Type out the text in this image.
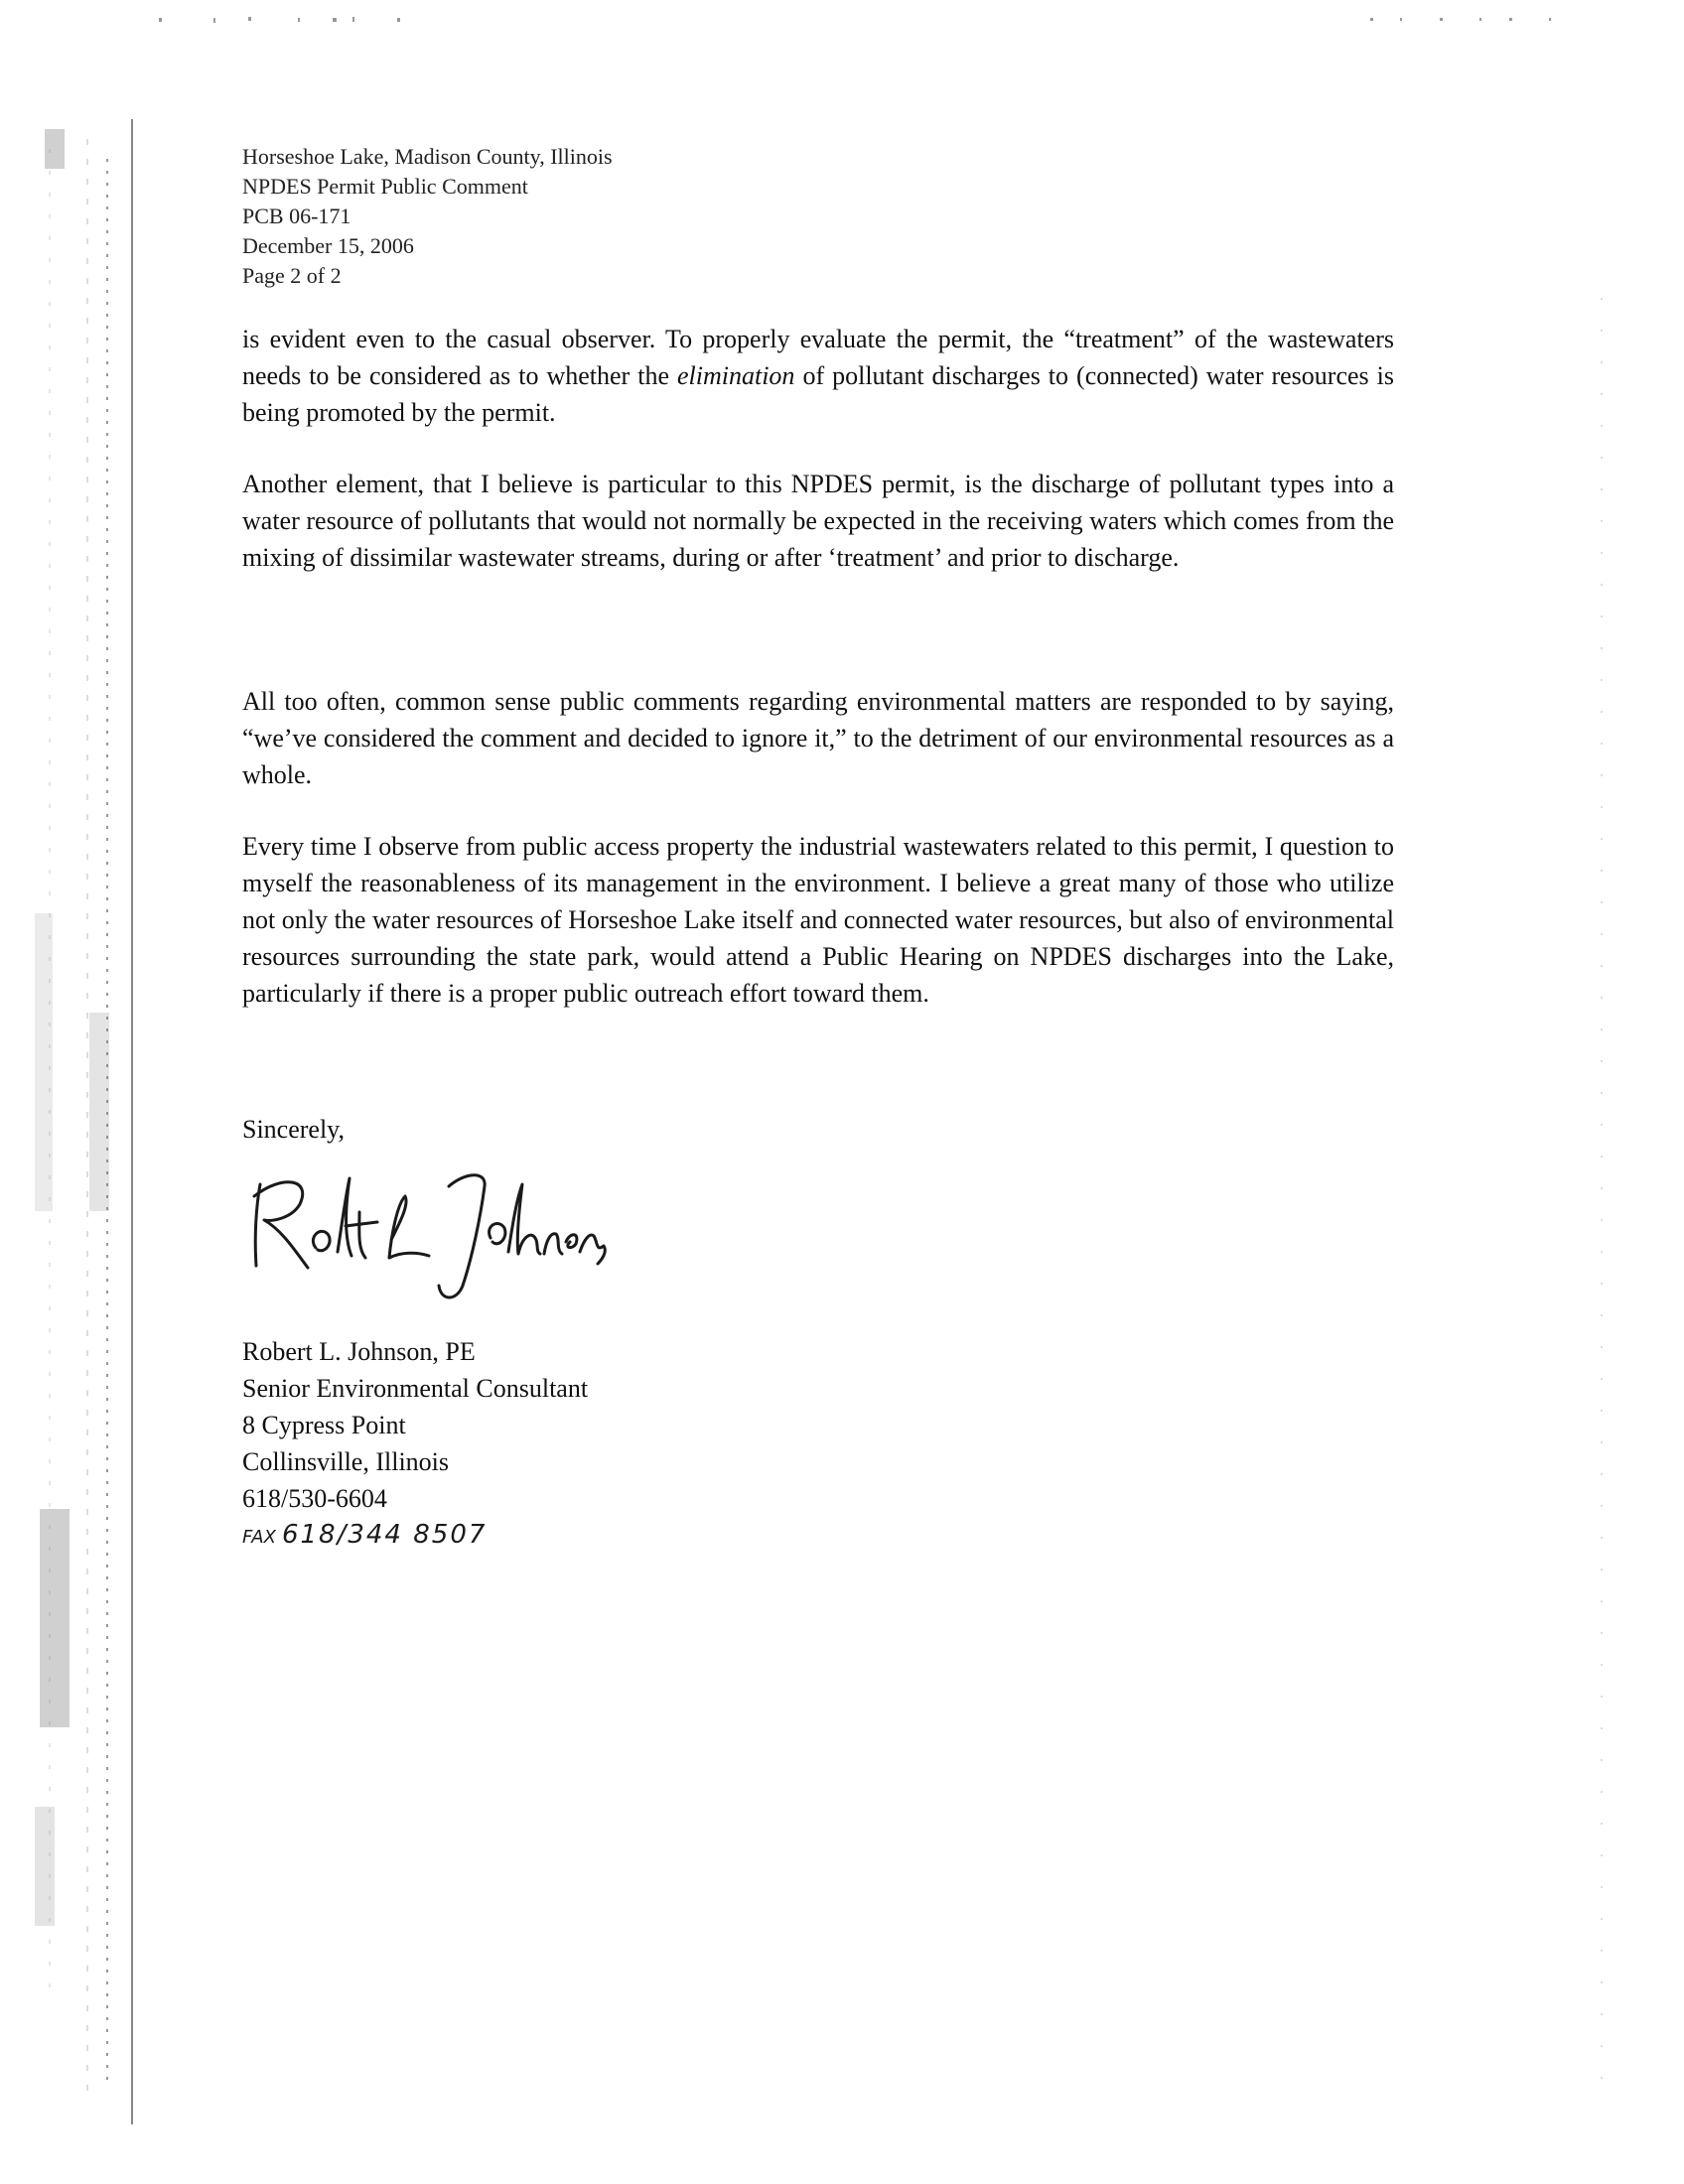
Horseshoe Lake, Madison County, Illinois
NPDES Permit Public Comment
PCB 06-171
December 15, 2006
Page 2 of 2
is evident even to the casual observer. To properly evaluate the permit, the “treatment” of the wastewaters needs to be considered as to whether the elimination of pollutant discharges to (connected) water resources is being promoted by the permit.
Another element, that I believe is particular to this NPDES permit, is the discharge of pollutant types into a water resource of pollutants that would not normally be expected in the receiving waters which comes from the mixing of dissimilar wastewater streams, during or after ‘treatment’ and prior to discharge.
All too often, common sense public comments regarding environmental matters are responded to by saying, “we’ve considered the comment and decided to ignore it,” to the detriment of our environmental resources as a whole.
Every time I observe from public access property the industrial wastewaters related to this permit, I question to myself the reasonableness of its management in the environment. I believe a great many of those who utilize not only the water resources of Horseshoe Lake itself and connected water resources, but also of environmental resources surrounding the state park, would attend a Public Hearing on NPDES discharges into the Lake, particularly if there is a proper public outreach effort toward them.
Sincerely,
Robert L. Johnson, PE
Senior Environmental Consultant
8 Cypress Point
Collinsville, Illinois
618/530-6604
FAX 618/344 8507
